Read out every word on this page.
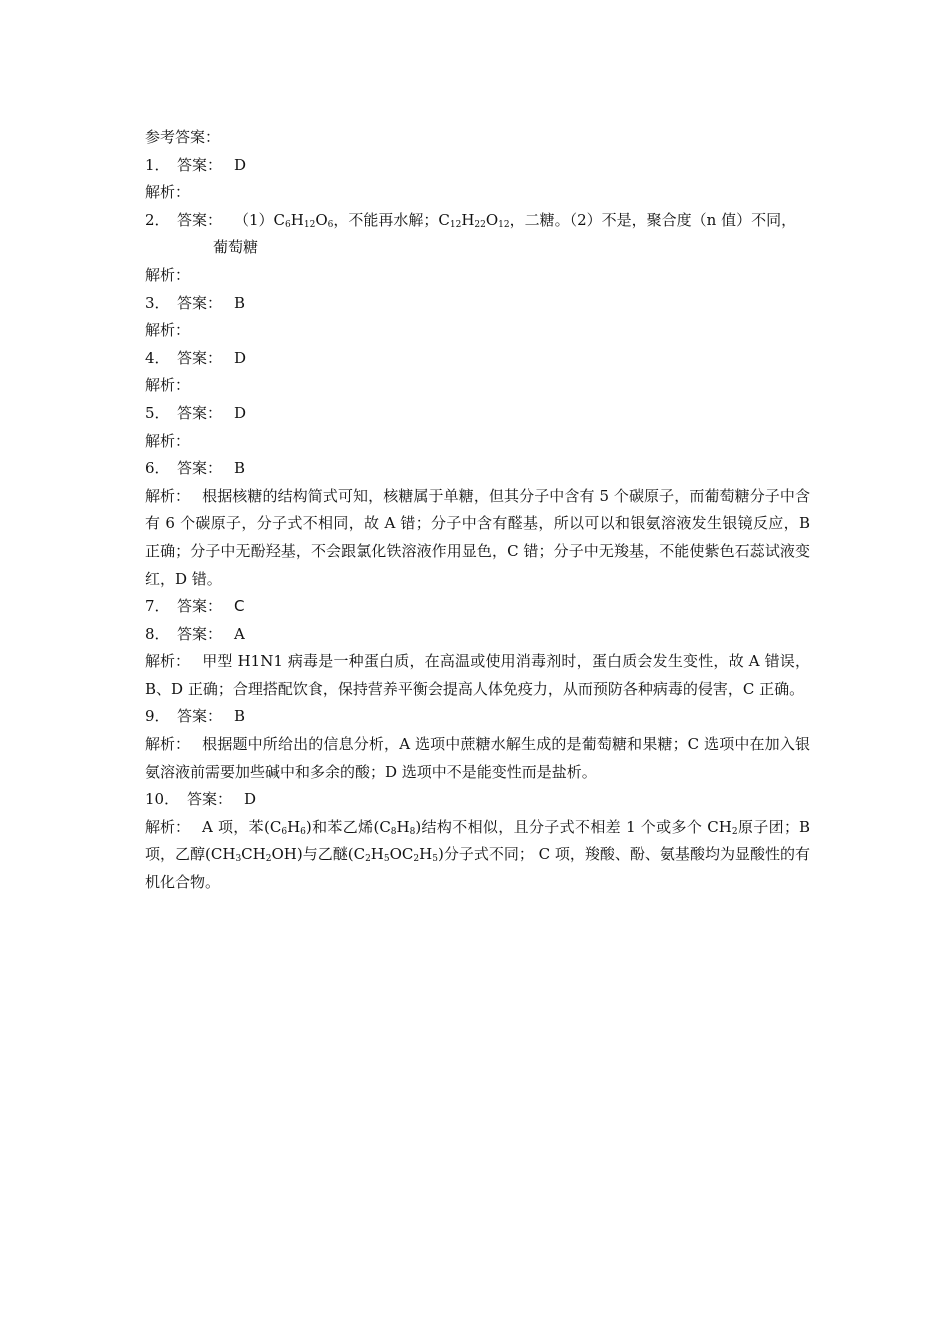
参考答案：
1． 答案： D
解析：
2． 答案： $(1)C_6H_{12}O_6$，不能再水解；$C_{12}H_{22}O_{12}$，二糖。（2）不是，聚合度（n 值）不同，
葡萄糖
解析：
3． 答案： B
解析：
4． 答案： D
解析：
5． 答案： D
解析：
6． 答案： B
解析： 根据核糖的结构简式可知，核糖属于单糖，但其分子中含有 5 个碳原子，而葡萄糖分子中含有 6 个碳原子，分子式不相同，故 A 错；分子中含有醛基，所以可以和银氨溶液发生银镜反应，B 正确；分子中无酚羟基，不会跟氯化铁溶液作用显色，C 错；分子中无羧基，不能使紫色石蕊试液变红，D 错。
7． 答案： C
8． 答案： A
解析： 甲型 H1N1 病毒是一种蛋白质，在高温或使用消毒剂时，蛋白质会发生变性，故 A 错误，B、D 正确；合理搭配饮食，保持营养平衡会提高人体免疫力，从而预防各种病毒的侵害，C 正确。
9． 答案： B
解析： 根据题中所给出的信息分析，A 选项中蔗糖水解生成的是葡萄糖和果糖；C 选项中在加入银氨溶液前需要加些碱中和多余的酸；D 选项中不是能变性而是盐析。
10． 答案： D
解析： A 项，苯$(C_6H_6)$和苯乙烯$(C_8H_8)$结构不相似，且分子式不相差 1 个或多个 $CH_2$原子团；B 项，乙醇$(CH_3CH_2OH)$与乙醚$(C_2H_5OC_2H_5)$分子式不同； C 项，羧酸、酚、氨基酸均为显酸性的有机化合物。
